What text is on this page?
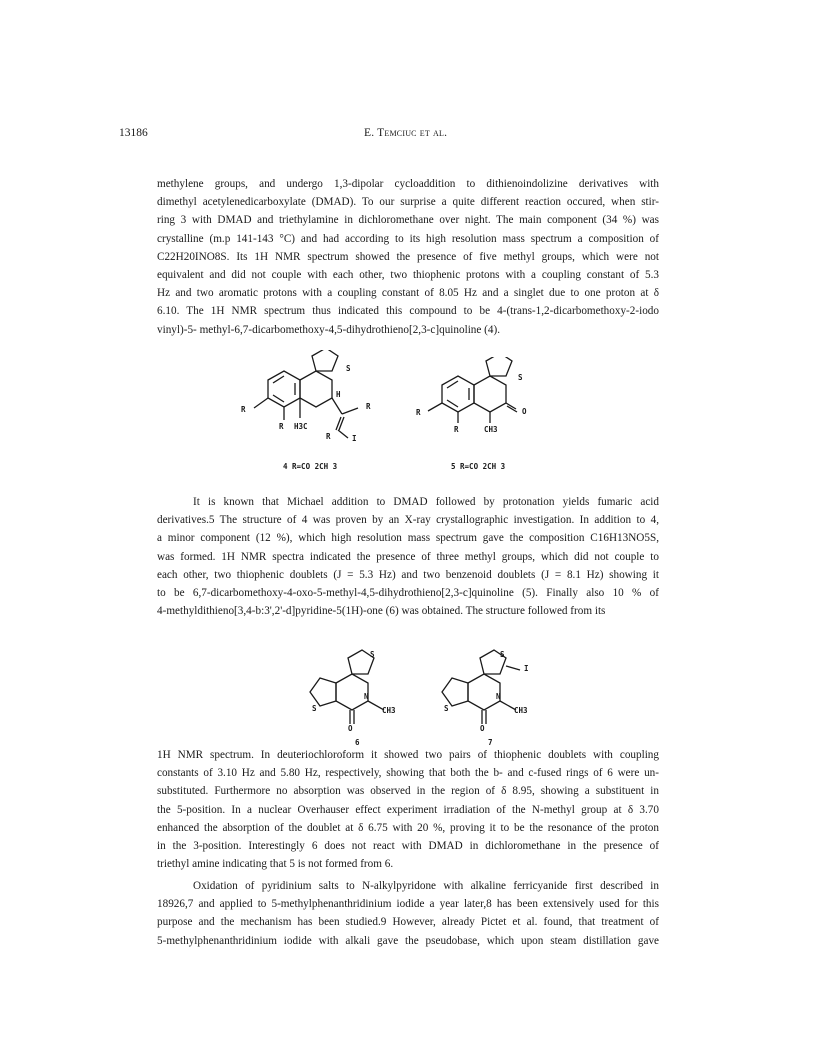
13186	E. Temciuc et al.
methylene groups, and undergo 1,3-dipolar cycloaddition to dithienoindolizine derivatives with
dimethyl acetylenedicarboxylate (DMAD). To our surprise a quite different reaction occured, when stir-
ring 3 with DMAD and triethylamine in dichloromethane over night. The main component (34 %) was
crystalline (m.p 141-143 °C) and had according to its high resolution mass spectrum a composition of
C22H20INO8S. Its 1H NMR spectrum showed the presence of five methyl groups, which were not
equivalent and did not couple with each other, two thiophenic protons with a coupling constant of 5.3
Hz and two aromatic protons with a coupling constant of 8.05 Hz and a singlet due to one proton at δ
6.10. The 1H NMR spectrum thus indicated this compound to be 4-(trans-1,2-dicarbomethoxy-2-iodo
vinyl)-5- methyl-6,7-dicarbomethoxy-4,5-dihydrothieno[2,3-c]quinoline (4).
S
H
R
R
R H3C
R	I
4 R=CO 2CH 3
S
O
R
R	CH3
5 R=CO 2CH 3
It is known that Michael addition to DMAD followed by protonation yields fumaric acid
derivatives.5 The structure of 4 was proven by an X-ray crystallographic investigation. In addition to 4,
a minor component (12 %), which high resolution mass spectrum gave the composition C16H13NO5S,
was formed. 1H NMR spectra indicated the presence of three methyl groups, which did not couple to
each other, two thiophenic doublets (J = 5.3 Hz) and two benzenoid doublets (J = 8.1 Hz) showing it
to be 6,7-dicarbomethoxy-4-oxo-5-methyl-4,5-dihydrothieno[2,3-c]quinoline (5). Finally also 10 % of
4-methyldithieno[3,4-b:3',2'-d]pyridine-5(1H)-one (6) was obtained. The structure followed from its
S
S
N
CH3
O
6
S
S
N
CH3
O
I
7
1H NMR spectrum. In deuteriochloroform it showed two pairs of thiophenic doublets with coupling
constants of 3.10 Hz and 5.80 Hz, respectively, showing that both the b- and c-fused rings of 6 were un-
substituted. Furthermore no absorption was observed in the region of δ 8.95, showing a substituent in
the 5-position. In a nuclear Overhauser effect experiment irradiation of the N-methyl group at δ 3.70
enhanced the absorption of the doublet at δ 6.75 with 20 %, proving it to be the resonance of the proton
in the 3-position. Interestingly 6 does not react with DMAD in dichloromethane in the presence of
triethyl amine indicating that 5 is not formed from 6.
Oxidation of pyridinium salts to N-alkylpyridone with alkaline ferricyanide first described in
18926,7 and applied to 5-methylphenanthridinium iodide a year later,8 has been extensively used for this
purpose and the mechanism has been studied.9 However, already Pictet et al. found, that treatment of
5-methylphenanthridinium iodide with alkali gave the pseudobase, which upon steam distillation gave
